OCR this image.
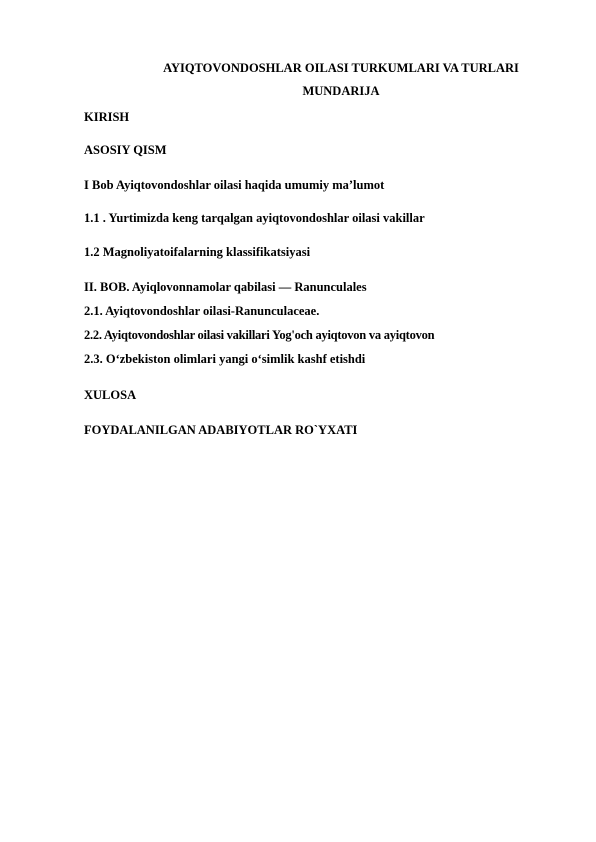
AYIQTOVONDOSHLAR OILASI TURKUMLARI VA TURLARI
MUNDARIJA
KIRISH
ASOSIY QISM
I Bob Ayiqtovondoshlar oilasi haqida umumiy ma’lumot
1.1 . Yurtimizda keng tarqalgan ayiqtovondoshlar oilasi vakillar
1.2 Magnoliyatoifalarning klassifikatsiyasi
II. BOB. Ayiqlovonnamolar qabilasi — Ranunculales
2.1. Ayiqtovondoshlar oilasi-Ranunculaceae.
2.2. Ayiqtovondoshlar oilasi vakillari Yog'och ayiqtovon va ayiqtovon
2.3. O‘zbekiston olimlari yangi o‘simlik kashf etishdi
XULOSA
FOYDALANILGAN ADABIYOTLAR RO`YXATI
